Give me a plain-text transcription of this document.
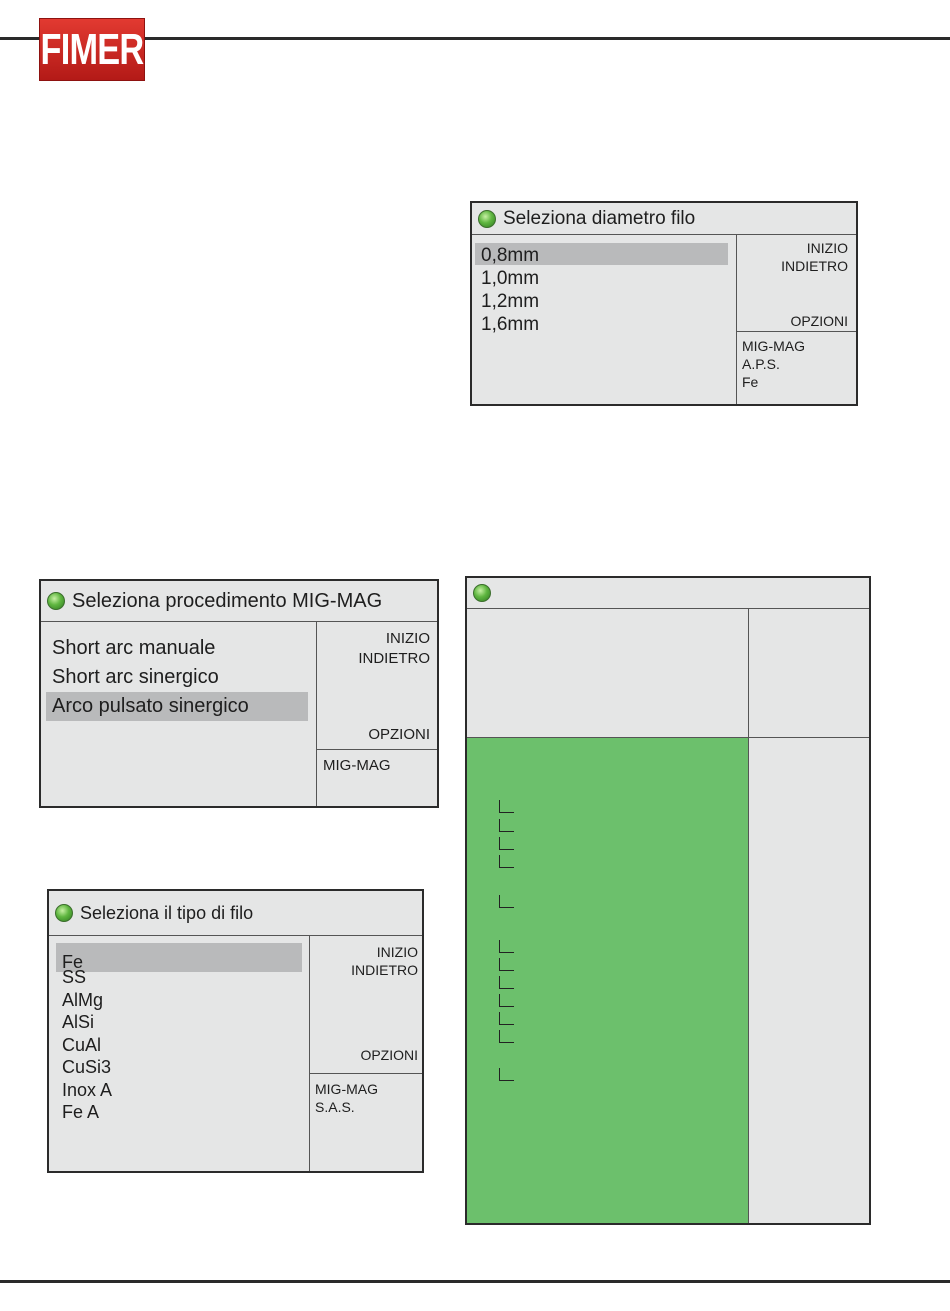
FIMER
Seleziona diametro filo
0,8mm
1,0mm
1,2mm
1,6mm
INIZIO
INDIETRO
OPZIONI
MIG-MAG
A.P.S.
Fe
Seleziona procedimento MIG-MAG
Short arc manuale
Short arc sinergico
Arco pulsato sinergico
INIZIO
INDIETRO
OPZIONI
MIG-MAG
Seleziona il tipo di filo
Fe
SS
AlMg
AlSi
CuAl
CuSi3
Inox A
Fe A
INIZIO
INDIETRO
OPZIONI
MIG-MAG
S.A.S.
